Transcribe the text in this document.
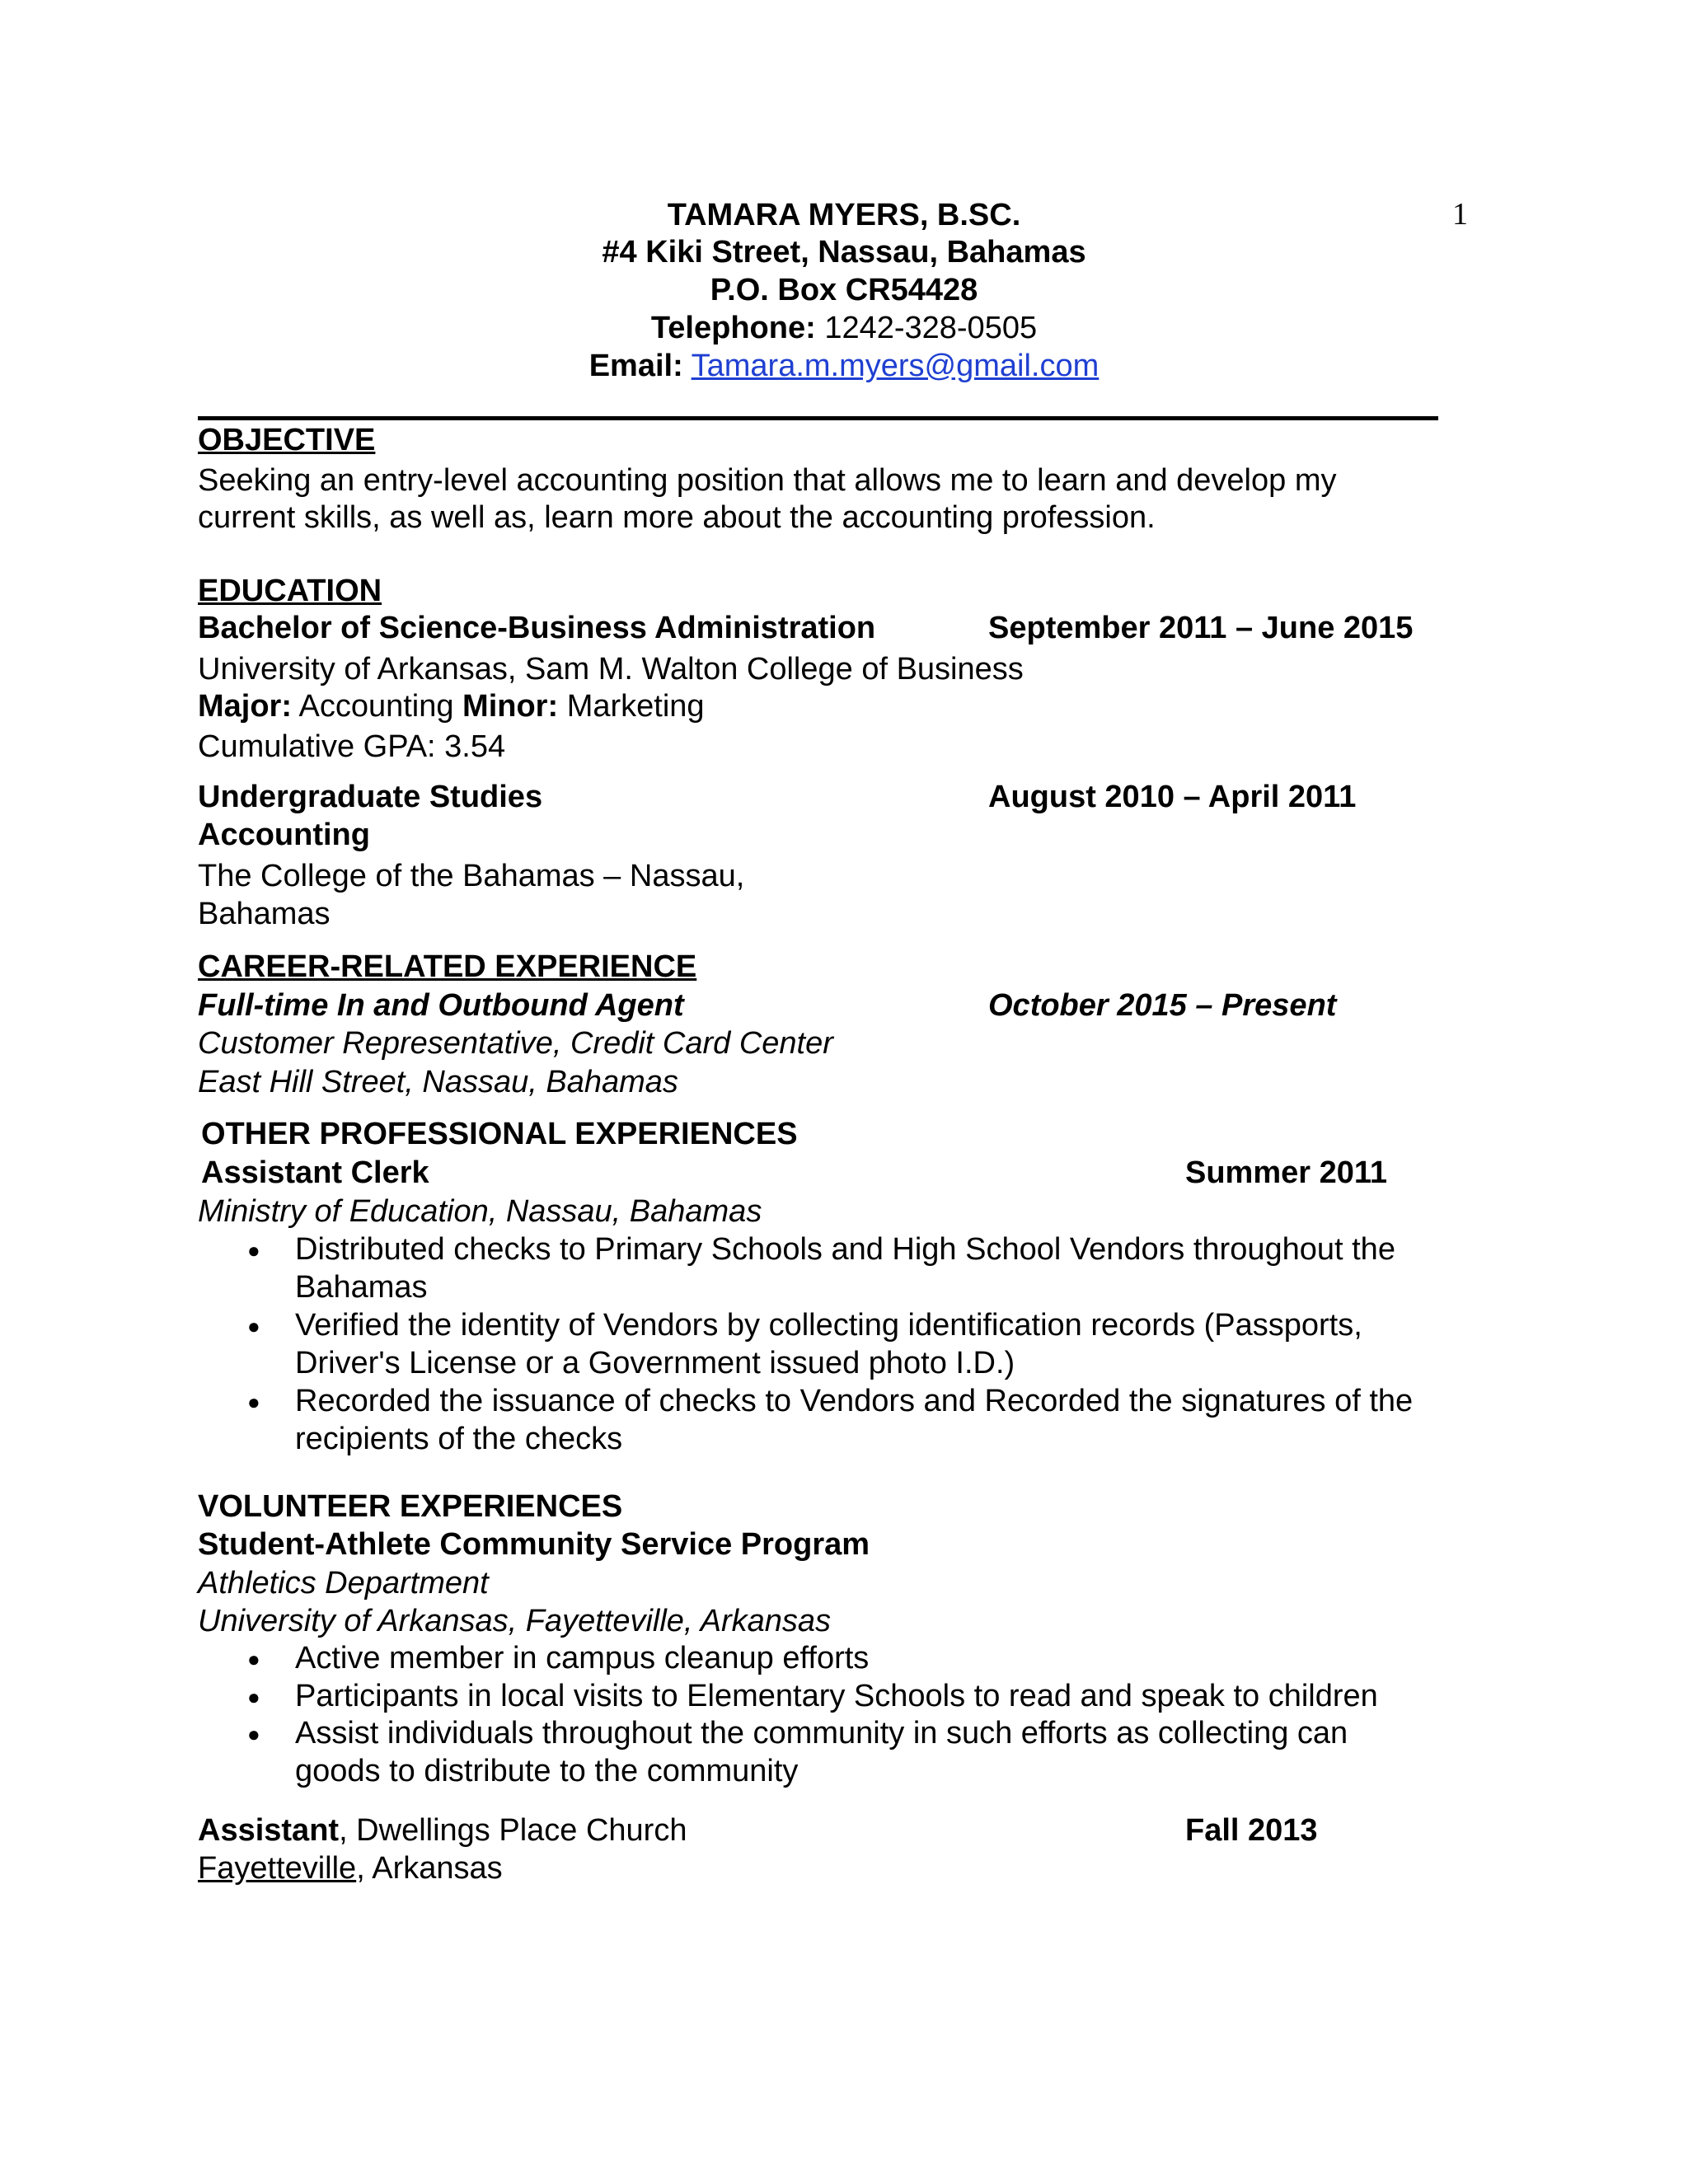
1
TAMARA MYERS, B.SC.
#4 Kiki Street, Nassau, Bahamas
P.O. Box CR54428
Telephone: 1242-328-0505
Email: Tamara.m.myers@gmail.com
OBJECTIVE
Seeking an entry-level accounting position that allows me to learn and develop my
current skills, as well as, learn more about the accounting profession.
EDUCATION
Bachelor of Science-Business Administration	September 2011 – June 2015
University of Arkansas, Sam M. Walton College of Business
Major: Accounting Minor: Marketing
Cumulative GPA: 3.54
Undergraduate Studies	August 2010 – April 2011
Accounting
The College of the Bahamas – Nassau,
Bahamas
CAREER-RELATED EXPERIENCE
Full-time In and Outbound Agent	October 2015 – Present
Customer Representative, Credit Card Center
East Hill Street, Nassau, Bahamas
OTHER PROFESSIONAL EXPERIENCES
Assistant Clerk	Summer 2011
Ministry of Education, Nassau, Bahamas
● Distributed checks to Primary Schools and High School Vendors throughout the
Bahamas
● Verified the identity of Vendors by collecting identification records (Passports,
Driver's License or a Government issued photo I.D.)
● Recorded the issuance of checks to Vendors and Recorded the signatures of the
recipients of the checks
VOLUNTEER EXPERIENCES
Student-Athlete Community Service Program
Athletics Department
University of Arkansas, Fayetteville, Arkansas
● Active member in campus cleanup efforts
● Participants in local visits to Elementary Schools to read and speak to children
● Assist individuals throughout the community in such efforts as collecting can
goods to distribute to the community
Assistant, Dwellings Place Church	Fall 2013
Fayetteville, Arkansas
